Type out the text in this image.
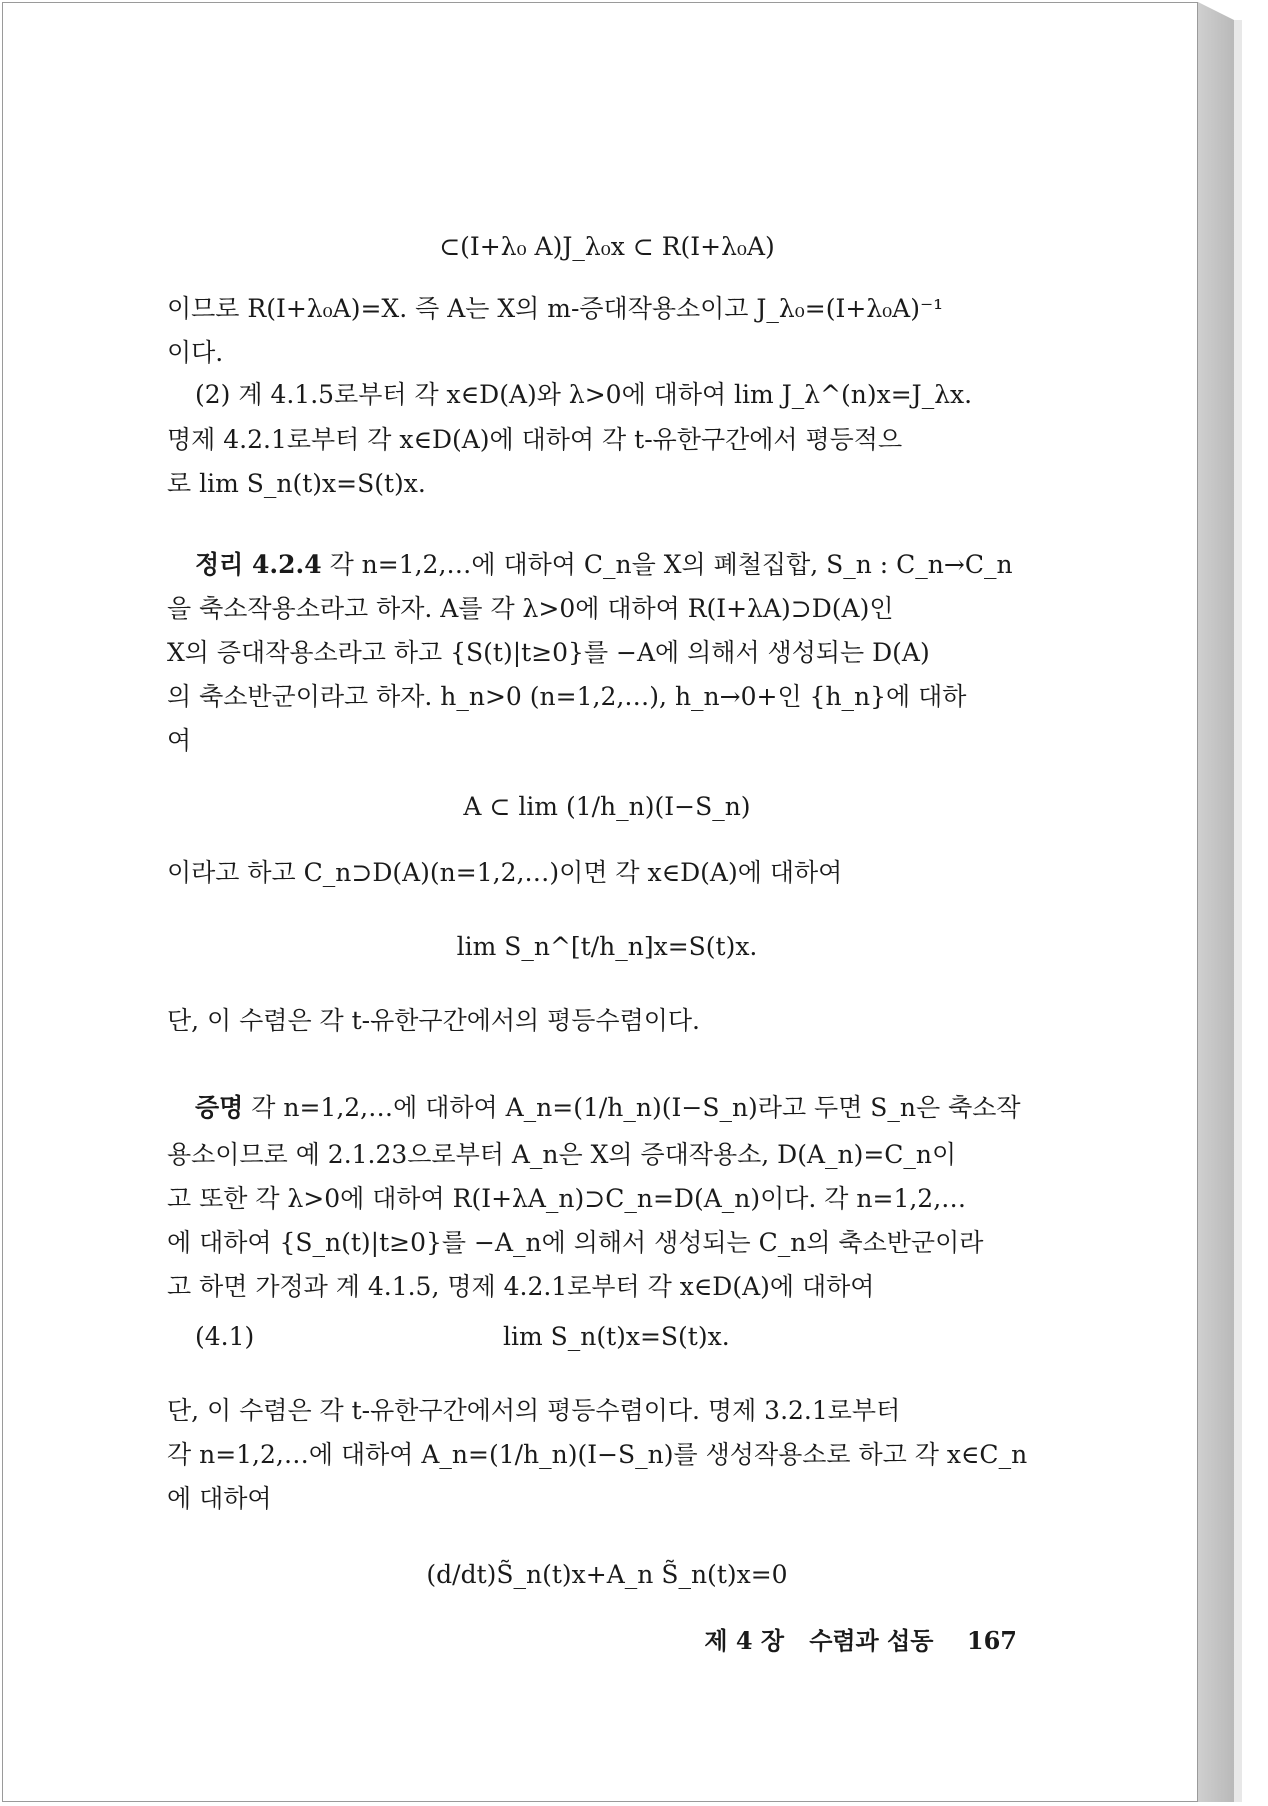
⊂(I+λ₀ A)J_λ₀x ⊂ R(I+λ₀A)
이므로 R(I+λ₀A)=X. 즉 A는 X의 m-증대작용소이고 J_λ₀=(I+λ₀A)⁻¹
이다.
(2) 계 4.1.5로부터 각 x∈D(A)와 λ>0에 대하여 lim J_λ^(n)x=J_λx.
명제 4.2.1로부터 각 x∈D(A)에 대하여 각 t-유한구간에서 평등적으
로 lim S_n(t)x=S(t)x.
정리 4.2.4 각 n=1,2,…에 대하여 C_n을 X의 폐철집합, S_n : C_n→C_n
을 축소작용소라고 하자. A를 각 λ>0에 대하여 R(I+λA)⊃D(A)인
X의 증대작용소라고 하고 {S(t)|t≥0}를 −A에 의해서 생성되는 D(A)
의 축소반군이라고 하자. h_n>0 (n=1,2,…), h_n→0+인 {h_n}에 대하
여
A ⊂ lim (1/h_n)(I−S_n)
이라고 하고 C_n⊃D(A)(n=1,2,…)이면 각 x∈D(A)에 대하여
lim S_n^[t/h_n]x=S(t)x.
단, 이 수렴은 각 t-유한구간에서의 평등수렴이다.
증명 각 n=1,2,…에 대하여 A_n=(1/h_n)(I−S_n)라고 두면 S_n은 축소작
용소이므로 예 2.1.23으로부터 A_n은 X의 증대작용소, D(A_n)=C_n이
고 또한 각 λ>0에 대하여 R(I+λA_n)⊃C_n=D(A_n)이다. 각 n=1,2,…
에 대하여 {S_n(t)|t≥0}를 −A_n에 의해서 생성되는 C_n의 축소반군이라
고 하면 가정과 계 4.1.5, 명제 4.2.1로부터 각 x∈D(A)에 대하여
(4.1)	lim S_n(t)x=S(t)x.
단, 이 수렴은 각 t-유한구간에서의 평등수렴이다. 명제 3.2.1로부터
각 n=1,2,…에 대하여 A_n=(1/h_n)(I−S_n)를 생성작용소로 하고 각 x∈C_n
에 대하여
(d/dt)S̃_n(t)x+A_n S̃_n(t)x=0
제 4 장 수렴과 섭동 167
